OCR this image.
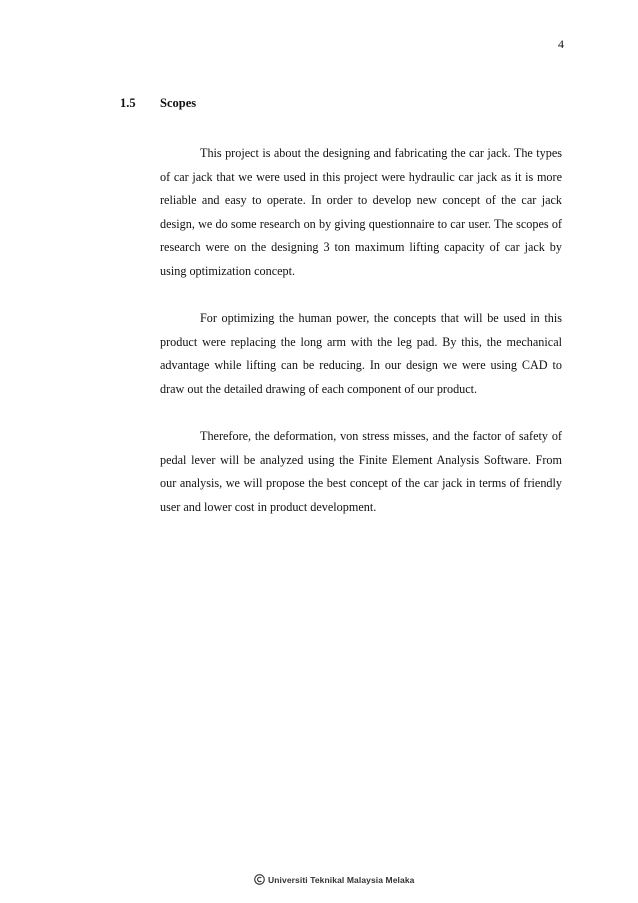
4
1.5 Scopes

This project is about the designing and fabricating the car jack. The types of car jack that we were used in this project were hydraulic car jack as it is more reliable and easy to operate. In order to develop new concept of the car jack design, we do some research on by giving questionnaire to car user. The scopes of research were on the designing 3 ton maximum lifting capacity of car jack by using optimization concept.

For optimizing the human power, the concepts that will be used in this product were replacing the long arm with the leg pad. By this, the mechanical advantage while lifting can be reducing. In our design we were using CAD to draw out the detailed drawing of each component of our product.

Therefore, the deformation, von stress misses, and the factor of safety of pedal lever will be analyzed using the Finite Element Analysis Software. From our analysis, we will propose the best concept of the car jack in terms of friendly user and lower cost in product development.

Universiti Teknikal Malaysia Melaka
